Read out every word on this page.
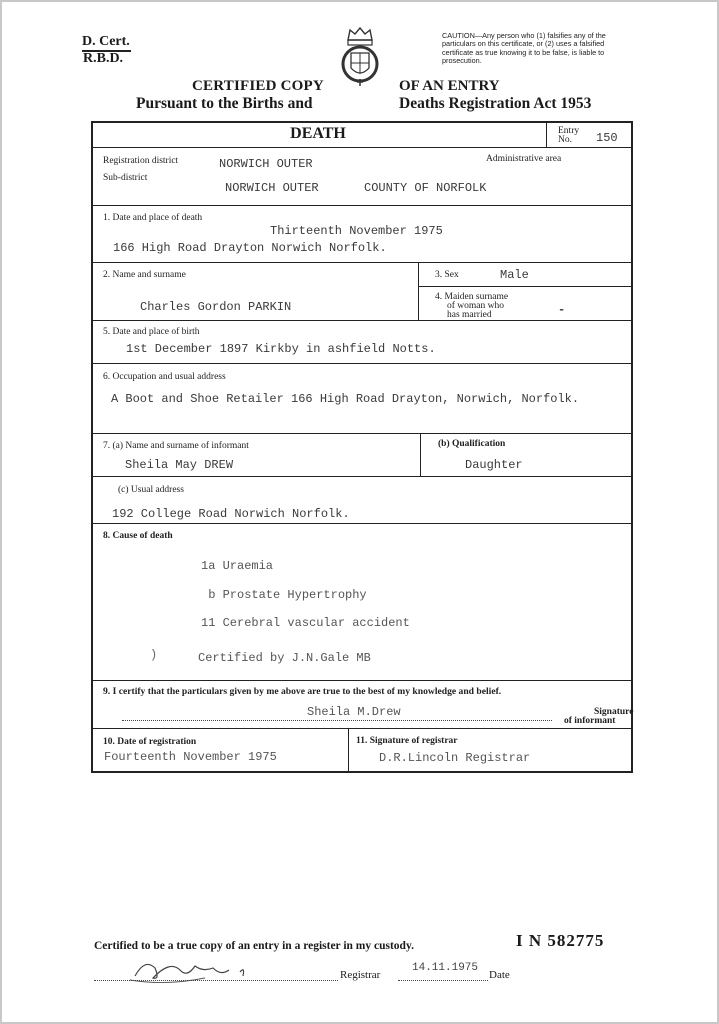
D. Cert.
R.B.D.
CAUTION—Any person who (1) falsifies any of the particulars on this certificate, or (2) uses a falsified certificate as true knowing it to be false, is liable to prosecution.
CERTIFIED COPY
Pursuant to the Births and
OF AN ENTRY
Deaths Registration Act 1953
DEATH	Entry
No. 150
Registration district	NORWICH OUTER	Administrative area
Sub-district
NORWICH OUTER	COUNTY OF NORFOLK
1. Date and place of death
Thirteenth November 1975
166 High Road Drayton Norwich Norfolk.
2. Name and surname
Charles Gordon PARKIN
3. Sex	Male
4. Maiden surname
of woman who
has married	-
5. Date and place of birth
1st December 1897 Kirkby in ashfield Notts.
6. Occupation and usual address
A Boot and Shoe Retailer 166 High Road Drayton, Norwich, Norfolk.
7. (a) Name and surname of informant
Sheila May DREW
(b) Qualification
Daughter
(c) Usual address
192 College Road Norwich Norfolk.
8. Cause of death
1a Uraemia
b Prostate Hypertrophy
11 Cerebral vascular accident
)	Certified by J.N.Gale MB
9. I certify that the particulars given by me above are true to the best of my knowledge and belief.
Sheila M.Drew	Signature
of informant
10. Date of registration
Fourteenth November 1975
11. Signature of registrar
D.R.Lincoln Registrar
Certified to be a true copy of an entry in a register in my custody.	I N 582775
Registrar
14.11.1975
Date
